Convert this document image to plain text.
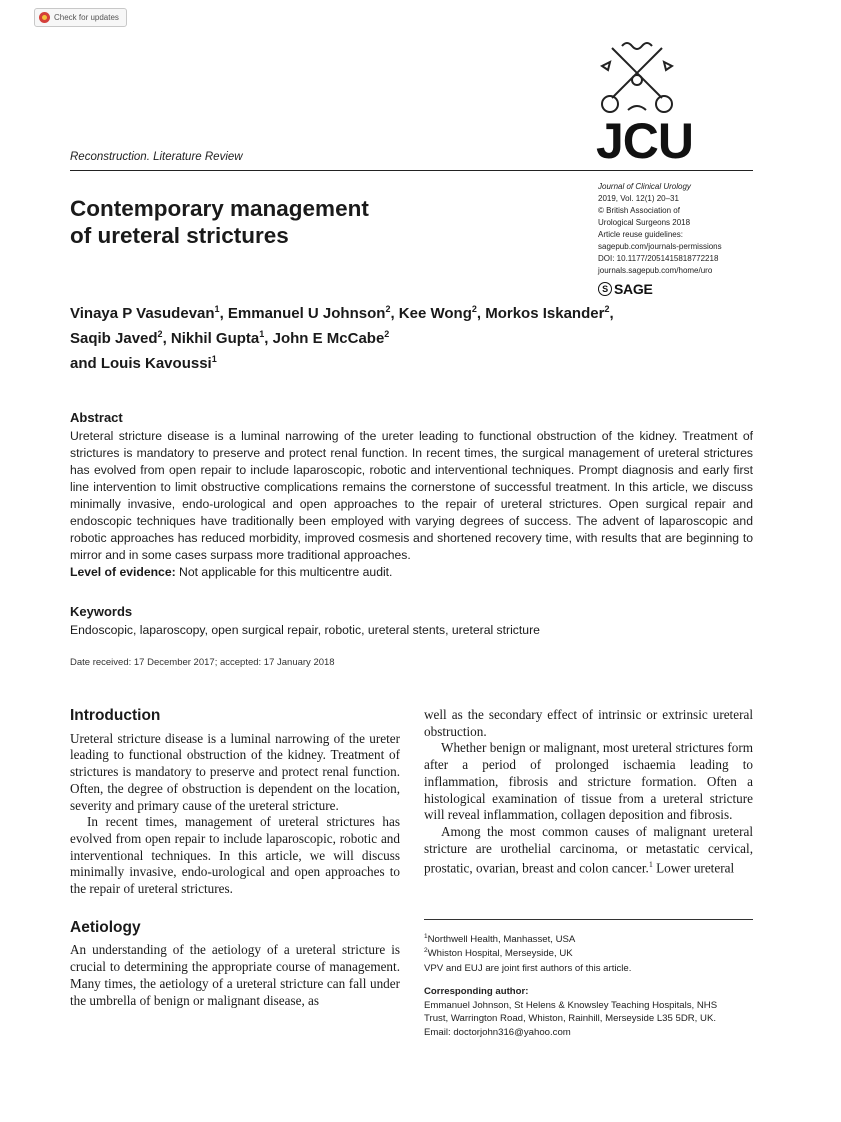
Check for updates
Reconstruction. Literature Review	JCU
Journal of Clinical Urology
2019, Vol. 12(1) 20–31
© British Association of
Urological Surgeons 2018
Article reuse guidelines:
sagepub.com/journals-permissions
DOI: 10.1177/2051415818772218
journals.sagepub.com/home/uro
S SAGE
Contemporary management
of ureteral strictures
Vinaya P Vasudevan$^1$, Emmanuel U Johnson$^2$, Kee Wong$^2$, Morkos Iskander$^2$, Saqib Javed$^2$, Nikhil Gupta$^1$, John E McCabe$^2$
and Louis Kavoussi$^1$
Abstract
Ureteral stricture disease is a luminal narrowing of the ureter leading to functional obstruction of the kidney. Treatment of strictures is mandatory to preserve and protect renal function. In recent times, the surgical management of ureteral strictures has evolved from open repair to include laparoscopic, robotic and interventional techniques. Prompt diagnosis and early first line intervention to limit obstructive complications remains the cornerstone of successful treatment. In this article, we discuss minimally invasive, endo-urological and open approaches to the repair of ureteral strictures. Open surgical repair and endoscopic techniques have traditionally been employed with varying degrees of success. The advent of laparoscopic and robotic approaches has reduced morbidity, improved cosmesis and shortened recovery time, with results that are beginning to mirror and in some cases surpass more traditional approaches.
Level of evidence: Not applicable for this multicentre audit.
Keywords
Endoscopic, laparoscopy, open surgical repair, robotic, ureteral stents, ureteral stricture
Date received: 17 December 2017; accepted: 17 January 2018
Introduction

Ureteral stricture disease is a luminal narrowing of the ureter leading to functional obstruction of the kidney. Treatment of strictures is mandatory to preserve and protect renal function. Often, the degree of obstruction is dependent on the location, severity and primary cause of the ureteral stricture.

In recent times, management of ureteral strictures has evolved from open repair to include laparoscopic, robotic and interventional techniques. In this article, we will discuss minimally invasive, endo-urological and open approaches to the repair of ureteral strictures.

Aetiology

An understanding of the aetiology of a ureteral stricture is crucial to determining the appropriate course of management. Many times, the aetiology of a ureteral stricture can fall under the umbrella of benign or malignant disease, as

well as the secondary effect of intrinsic or extrinsic ureteral obstruction.

Whether benign or malignant, most ureteral strictures form after a period of prolonged ischaemia leading to inflammation, fibrosis and stricture formation. Often a histological examination of tissue from a ureteral stricture will reveal inflammation, collagen deposition and fibrosis.

Among the most common causes of malignant ureteral stricture are urothelial carcinoma, or metastatic cervical, prostatic, ovarian, breast and colon cancer.$^1$ Lower ureteral

$^1$Northwell Health, Manhasset, USA
$^2$Whiston Hospital, Merseyside, UK
VPV and EUJ are joint first authors of this article.
Corresponding author:
Emmanuel Johnson, St Helens & Knowsley Teaching Hospitals, NHS
Trust, Warrington Road, Whiston, Rainhill, Merseyside L35 5DR, UK.
Email: doctorjohn316@yahoo.com
